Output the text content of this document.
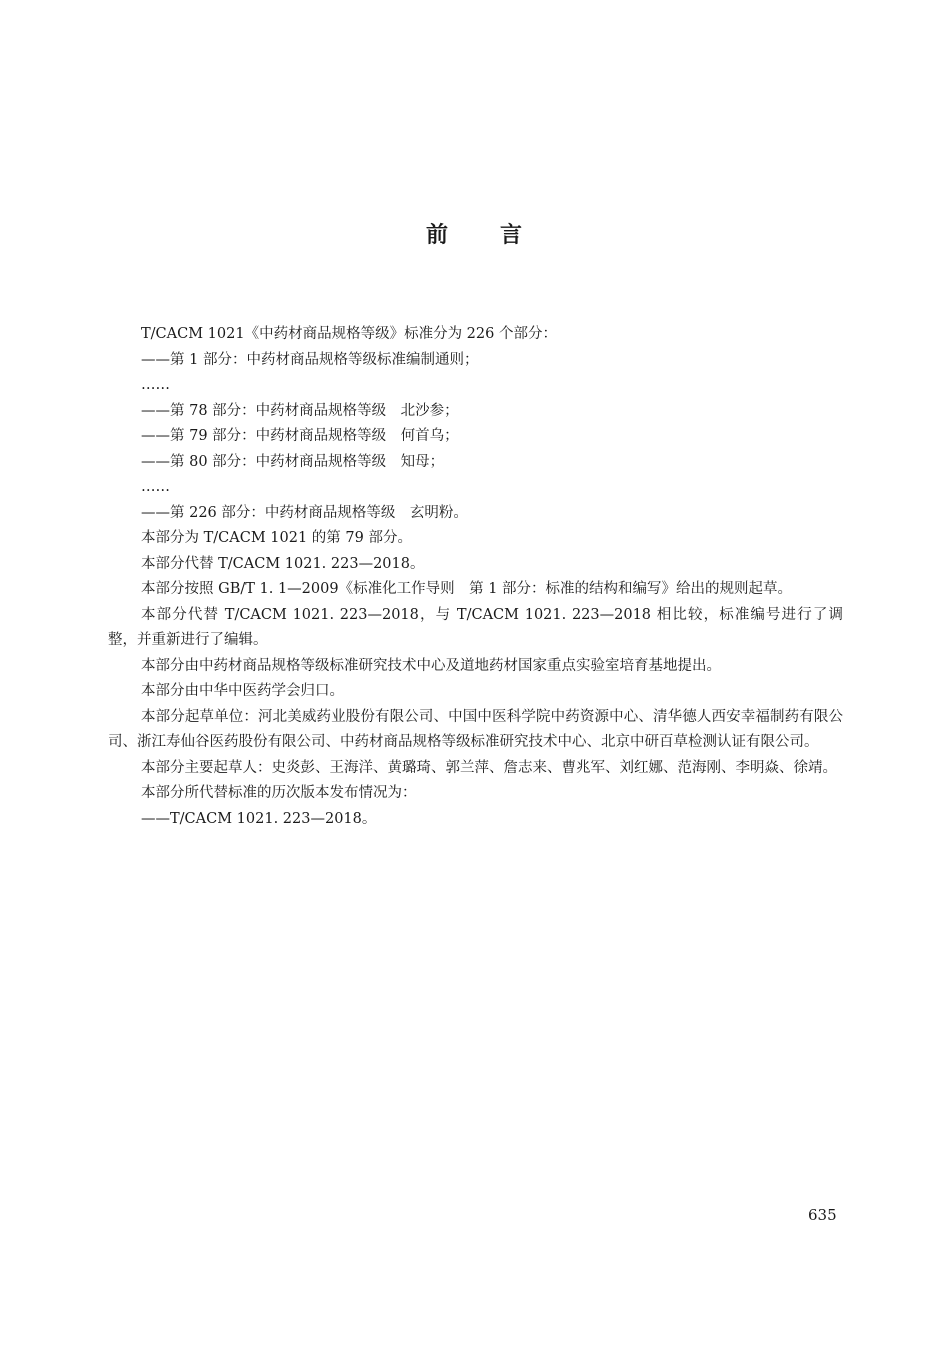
前 言

T/CACM 1021《中药材商品规格等级》标准分为 226 个部分：

——第 1 部分：中药材商品规格等级标准编制通则；

……

——第 78 部分：中药材商品规格等级　北沙参；

——第 79 部分：中药材商品规格等级　何首乌；

——第 80 部分：中药材商品规格等级　知母；

……

——第 226 部分：中药材商品规格等级　玄明粉。

本部分为 T/CACM 1021 的第 79 部分。

本部分代替 T/CACM 1021. 223—2018。

本部分按照 GB/T 1. 1—2009《标准化工作导则　第 1 部分：标准的结构和编写》给出的规则起草。

本部分代替 T/CACM 1021. 223—2018，与 T/CACM 1021. 223—2018 相比较，标准编号进行了调整，并重新进行了编辑。

本部分由中药材商品规格等级标准研究技术中心及道地药材国家重点实验室培育基地提出。

本部分由中华中医药学会归口。

本部分起草单位：河北美威药业股份有限公司、中国中医科学院中药资源中心、清华德人西安幸福制药有限公司、浙江寿仙谷医药股份有限公司、中药材商品规格等级标准研究技术中心、北京中研百草检测认证有限公司。

本部分主要起草人：史炎彭、王海洋、黄璐琦、郭兰萍、詹志来、曹兆军、刘红娜、范海刚、李明焱、徐靖。

本部分所代替标准的历次版本发布情况为：

——T/CACM 1021. 223—2018。

635
